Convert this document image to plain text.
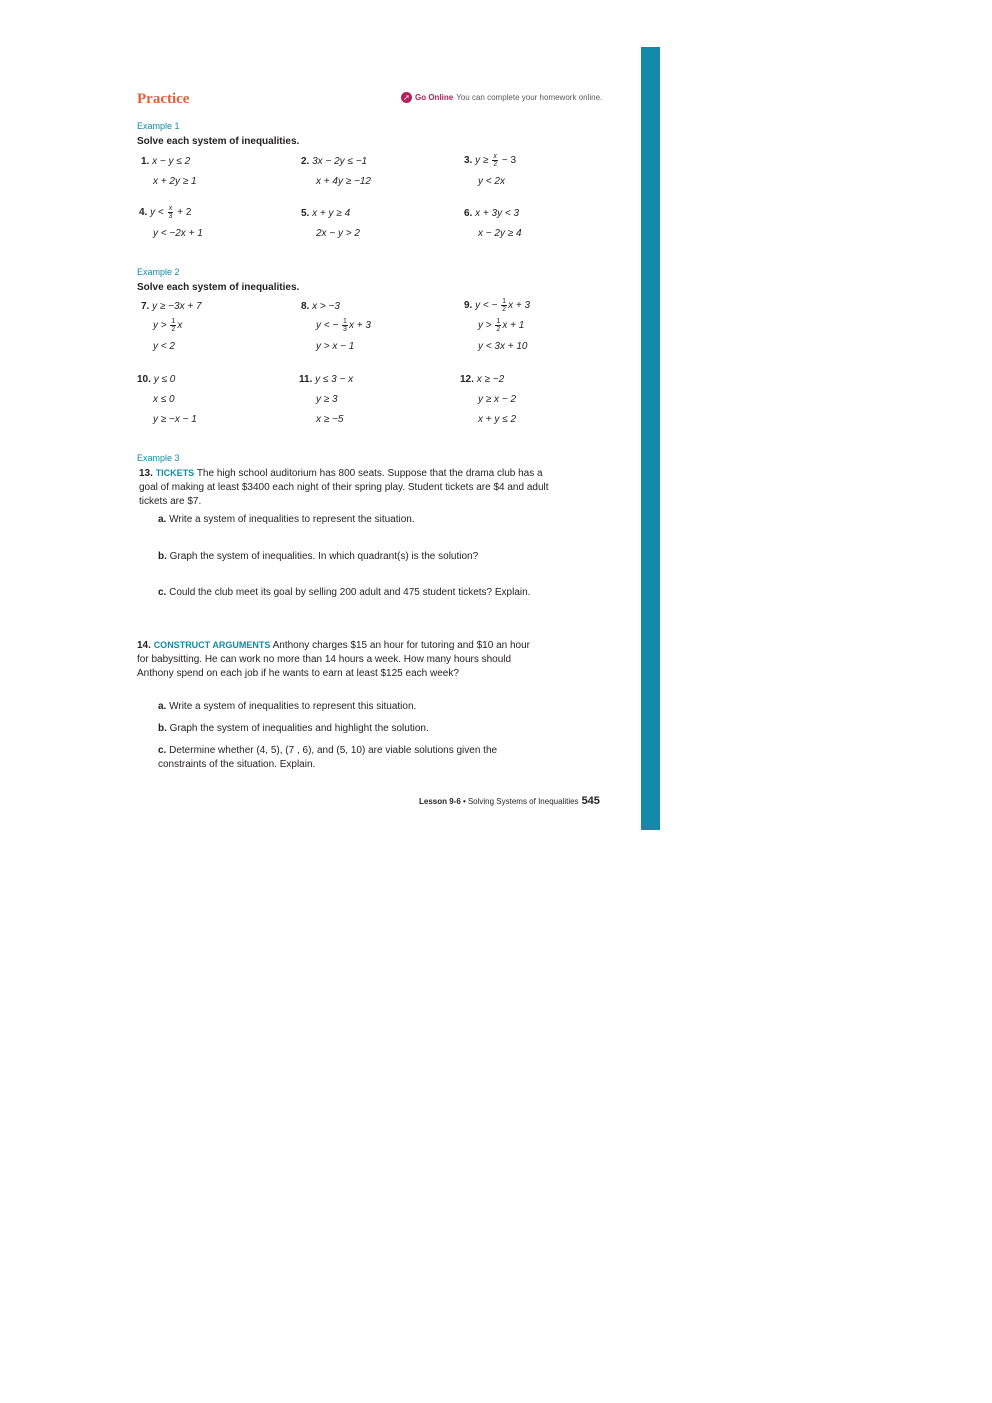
Practice	➚ Go Online You can complete your homework online.
Example 1
Solve each system of inequalities.
1. x − y ≤ 2
x + 2y ≥ 1
2. 3x − 2y ≤ −1
x + 4y ≥ −12
3. $y \ge \frac{x}{2} - 3$
y < 2x
4. $y < \frac{x}{3} + 2$
y < −2x + 1
5. x + y ≥ 4
2x − y > 2
6. x + 3y < 3
x − 2y ≥ 4
Example 2
Solve each system of inequalities.
7. y ≥ −3x + 7
$y > \frac{1}{2}$ x
y < 2
8. x > −3
y < − $\frac{1}{3}$ x + 3
y > x − 1
9. y < − $\frac{1}{2}$ x + 3
$y > \frac{1}{2}$ x + 1
y < 3x + 10
10. y ≤ 0
x ≤ 0
y ≥ −x − 1
11. y ≤ 3 − x
y ≥ 3
x ≥ −5
12. x ≥ −2
y ≥ x − 2
x + y ≤ 2
Example 3
13. TICKETS The high school auditorium has 800 seats. Suppose that the drama club has a goal of making at least $3400 each night of their spring play. Student tickets are $4 and adult tickets are $7.
a. Write a system of inequalities to represent the situation.
b. Graph the system of inequalities. In which quadrant(s) is the solution?
c. Could the club meet its goal by selling 200 adult and 475 student tickets? Explain.
14. CONSTRUCT ARGUMENTS Anthony charges $15 an hour for tutoring and $10 an hour for babysitting. He can work no more than 14 hours a week. How many hours should Anthony spend on each job if he wants to earn at least $125 each week?
a. Write a system of inequalities to represent this situation.
b. Graph the system of inequalities and highlight the solution.
c. Determine whether (4, 5), (7 , 6), and (5, 10) are viable solutions given the constraints of the situation. Explain.
Lesson 9-6 • Solving Systems of Inequalities 545
